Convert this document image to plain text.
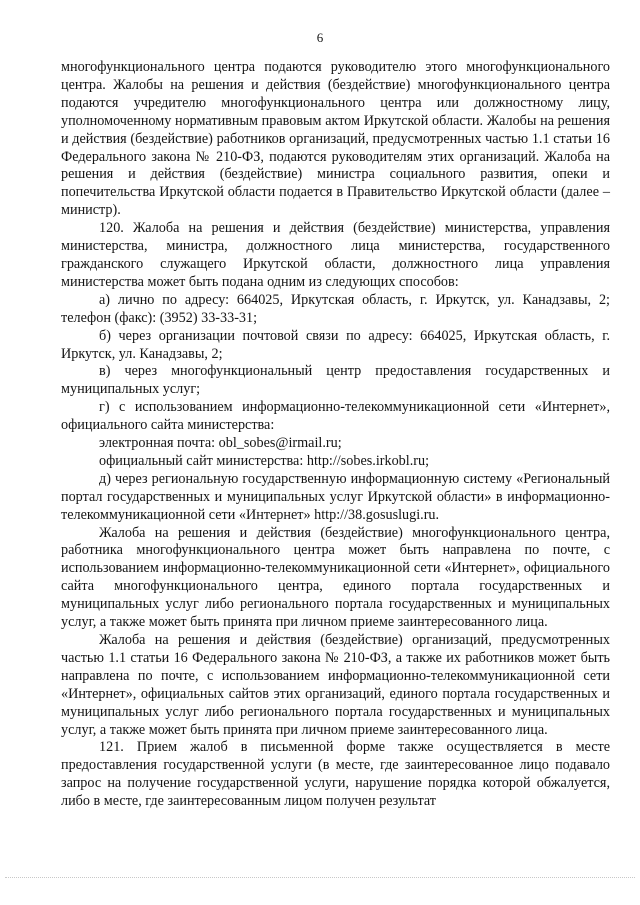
6

многофункционального центра подаются руководителю этого многофункционального центра. Жалобы на решения и действия (бездействие) многофункционального центра подаются учредителю многофункционального центра или должностному лицу, уполномоченному нормативным правовым актом Иркутской области. Жалобы на решения и действия (бездействие) работников организаций, предусмотренных частью 1.1 статьи 16 Федерального закона № 210-ФЗ, подаются руководителям этих организаций. Жалоба на решения и действия (бездействие) министра социального развития, опеки и попечительства Иркутской области подается в Правительство Иркутской области (далее – министр).

120. Жалоба на решения и действия (бездействие) министерства, управления министерства, министра, должностного лица министерства, государственного гражданского служащего Иркутской области, должностного лица управления министерства может быть подана одним из следующих способов:

а) лично по адресу: 664025, Иркутская область, г. Иркутск, ул. Канадзавы, 2; телефон (факс): (3952) 33-33-31;

б) через организации почтовой связи по адресу: 664025, Иркутская область, г. Иркутск, ул. Канадзавы, 2;

в) через многофункциональный центр предоставления государственных и муниципальных услуг;

г) с использованием информационно-телекоммуникационной сети «Интернет», официального сайта министерства:

электронная почта: obl_sobes@irmail.ru;

официальный сайт министерства: http://sobes.irkobl.ru;

д) через региональную государственную информационную систему «Региональный портал государственных и муниципальных услуг Иркутской области» в информационно-телекоммуникационной сети «Интернет» http://38.gosuslugi.ru.

Жалоба на решения и действия (бездействие) многофункционального центра, работника многофункционального центра может быть направлена по почте, с использованием информационно-телекоммуникационной сети «Интернет», официального сайта многофункционального центра, единого портала государственных и муниципальных услуг либо регионального портала государственных и муниципальных услуг, а также может быть принята при личном приеме заинтересованного лица.

Жалоба на решения и действия (бездействие) организаций, предусмотренных частью 1.1 статьи 16 Федерального закона № 210-ФЗ, а также их работников может быть направлена по почте, с использованием информационно-телекоммуникационной сети «Интернет», официальных сайтов этих организаций, единого портала государственных и муниципальных услуг либо регионального портала государственных и муниципальных услуг, а также может быть принята при личном приеме заинтересованного лица.

121. Прием жалоб в письменной форме также осуществляется в месте предоставления государственной услуги (в месте, где заинтересованное лицо подавало запрос на получение государственной услуги, нарушение порядка которой обжалуется, либо в месте, где заинтересованным лицом получен результат
